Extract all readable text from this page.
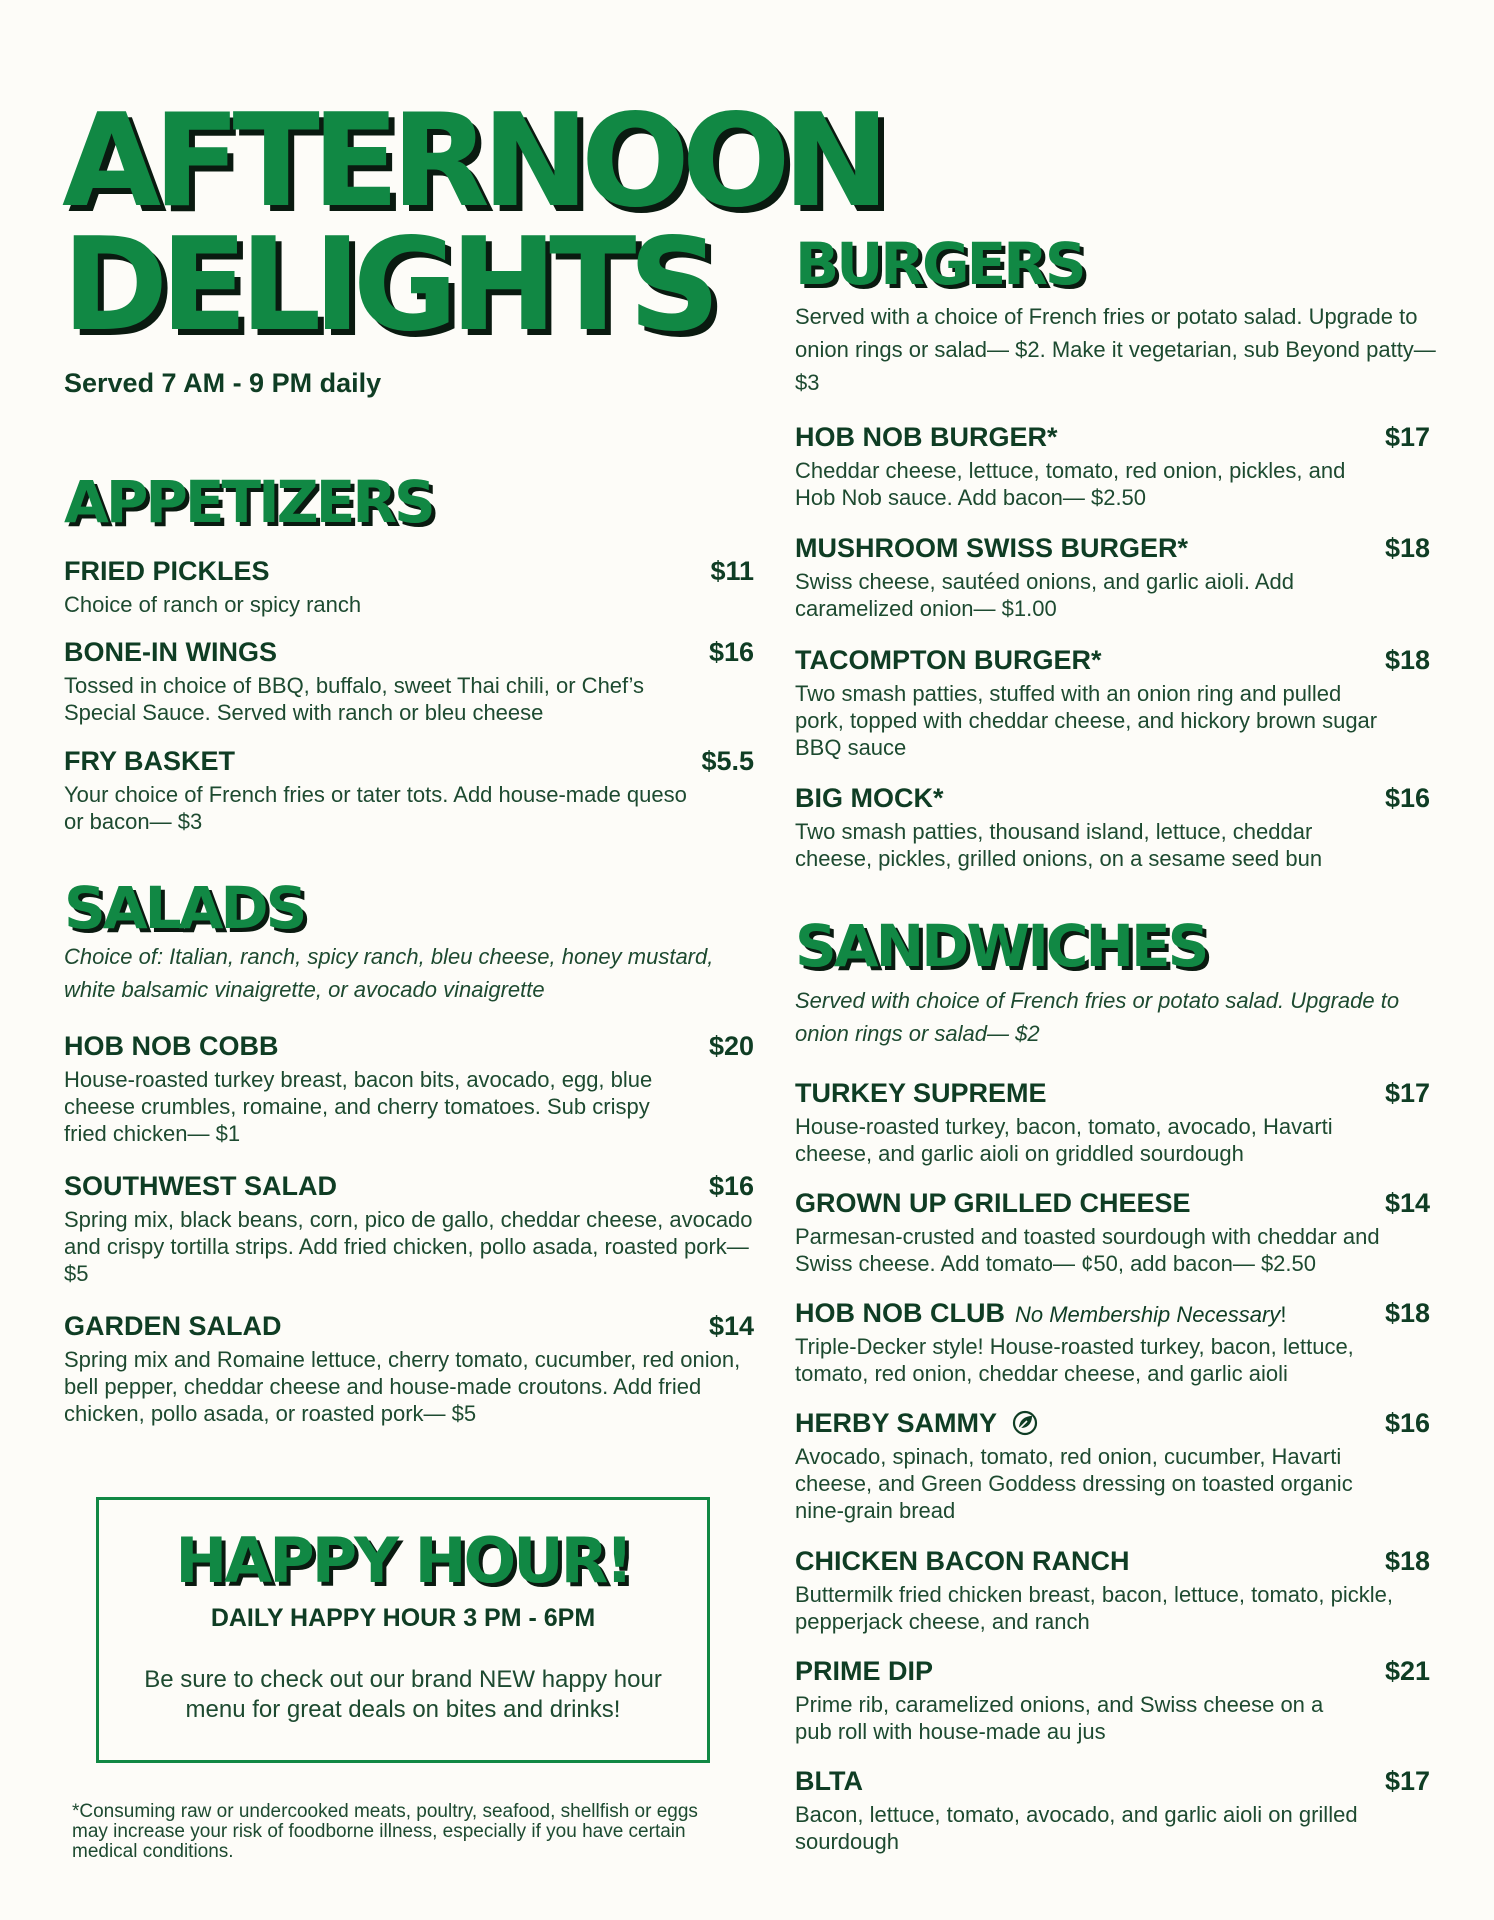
AFTERNOON
DELIGHTS
Served 7 AM - 9 PM daily
APPETIZERS
FRIED PICKLES	$11
Choice of ranch or spicy ranch
BONE-IN WINGS	$16
Tossed in choice of BBQ, buffalo, sweet Thai chili, or Chef’s Special Sauce. Served with ranch or bleu cheese
FRY BASKET	$5.5
Your choice of French fries or tater tots. Add house-made queso or bacon— $3
SALADS
Choice of: Italian, ranch, spicy ranch, bleu cheese, honey mustard, white balsamic vinaigrette, or avocado vinaigrette
HOB NOB COBB	$20
House-roasted turkey breast, bacon bits, avocado, egg, blue cheese crumbles, romaine, and cherry tomatoes. Sub crispy fried chicken— $1
SOUTHWEST SALAD	$16
Spring mix, black beans, corn, pico de gallo, cheddar cheese, avocado and crispy tortilla strips. Add fried chicken, pollo asada, roasted pork— $5
GARDEN SALAD	$14
Spring mix and Romaine lettuce, cherry tomato, cucumber, red onion, bell pepper, cheddar cheese and house-made croutons. Add fried chicken, pollo asada, or roasted pork— $5
HAPPY HOUR!
DAILY HAPPY HOUR 3 PM - 6PM
Be sure to check out our brand NEW happy hour menu for great deals on bites and drinks!
*Consuming raw or undercooked meats, poultry, seafood, shellfish or eggs may increase your risk of foodborne illness, especially if you have certain medical conditions.
BURGERS
Served with a choice of French fries or potato salad. Upgrade to onion rings or salad— $2. Make it vegetarian, sub Beyond patty— $3
HOB NOB BURGER*	$17
Cheddar cheese, lettuce, tomato, red onion, pickles, and Hob Nob sauce. Add bacon— $2.50
MUSHROOM SWISS BURGER*	$18
Swiss cheese, sautéed onions, and garlic aioli. Add caramelized onion— $1.00
TACOMPTON BURGER*	$18
Two smash patties, stuffed with an onion ring and pulled pork, topped with cheddar cheese, and hickory brown sugar BBQ sauce
BIG MOCK*	$16
Two smash patties, thousand island, lettuce, cheddar cheese, pickles, grilled onions, on a sesame seed bun
SANDWICHES
Served with choice of French fries or potato salad. Upgrade to onion rings or salad— $2
TURKEY SUPREME	$17
House-roasted turkey, bacon, tomato, avocado, Havarti cheese, and garlic aioli on griddled sourdough
GROWN UP GRILLED CHEESE	$14
Parmesan-crusted and toasted sourdough with cheddar and Swiss cheese. Add tomato— ¢50, add bacon— $2.50
HOB NOB CLUB No Membership Necessary!	$18
Triple-Decker style! House-roasted turkey, bacon, lettuce, tomato, red onion, cheddar cheese, and garlic aioli
HERBY SAMMY	$16
Avocado, spinach, tomato, red onion, cucumber, Havarti cheese, and Green Goddess dressing on toasted organic nine-grain bread
CHICKEN BACON RANCH	$18
Buttermilk fried chicken breast, bacon, lettuce, tomato, pickle, pepperjack cheese, and ranch
PRIME DIP	$21
Prime rib, caramelized onions, and Swiss cheese on a pub roll with house-made au jus
BLTA	$17
Bacon, lettuce, tomato, avocado, and garlic aioli on grilled sourdough
